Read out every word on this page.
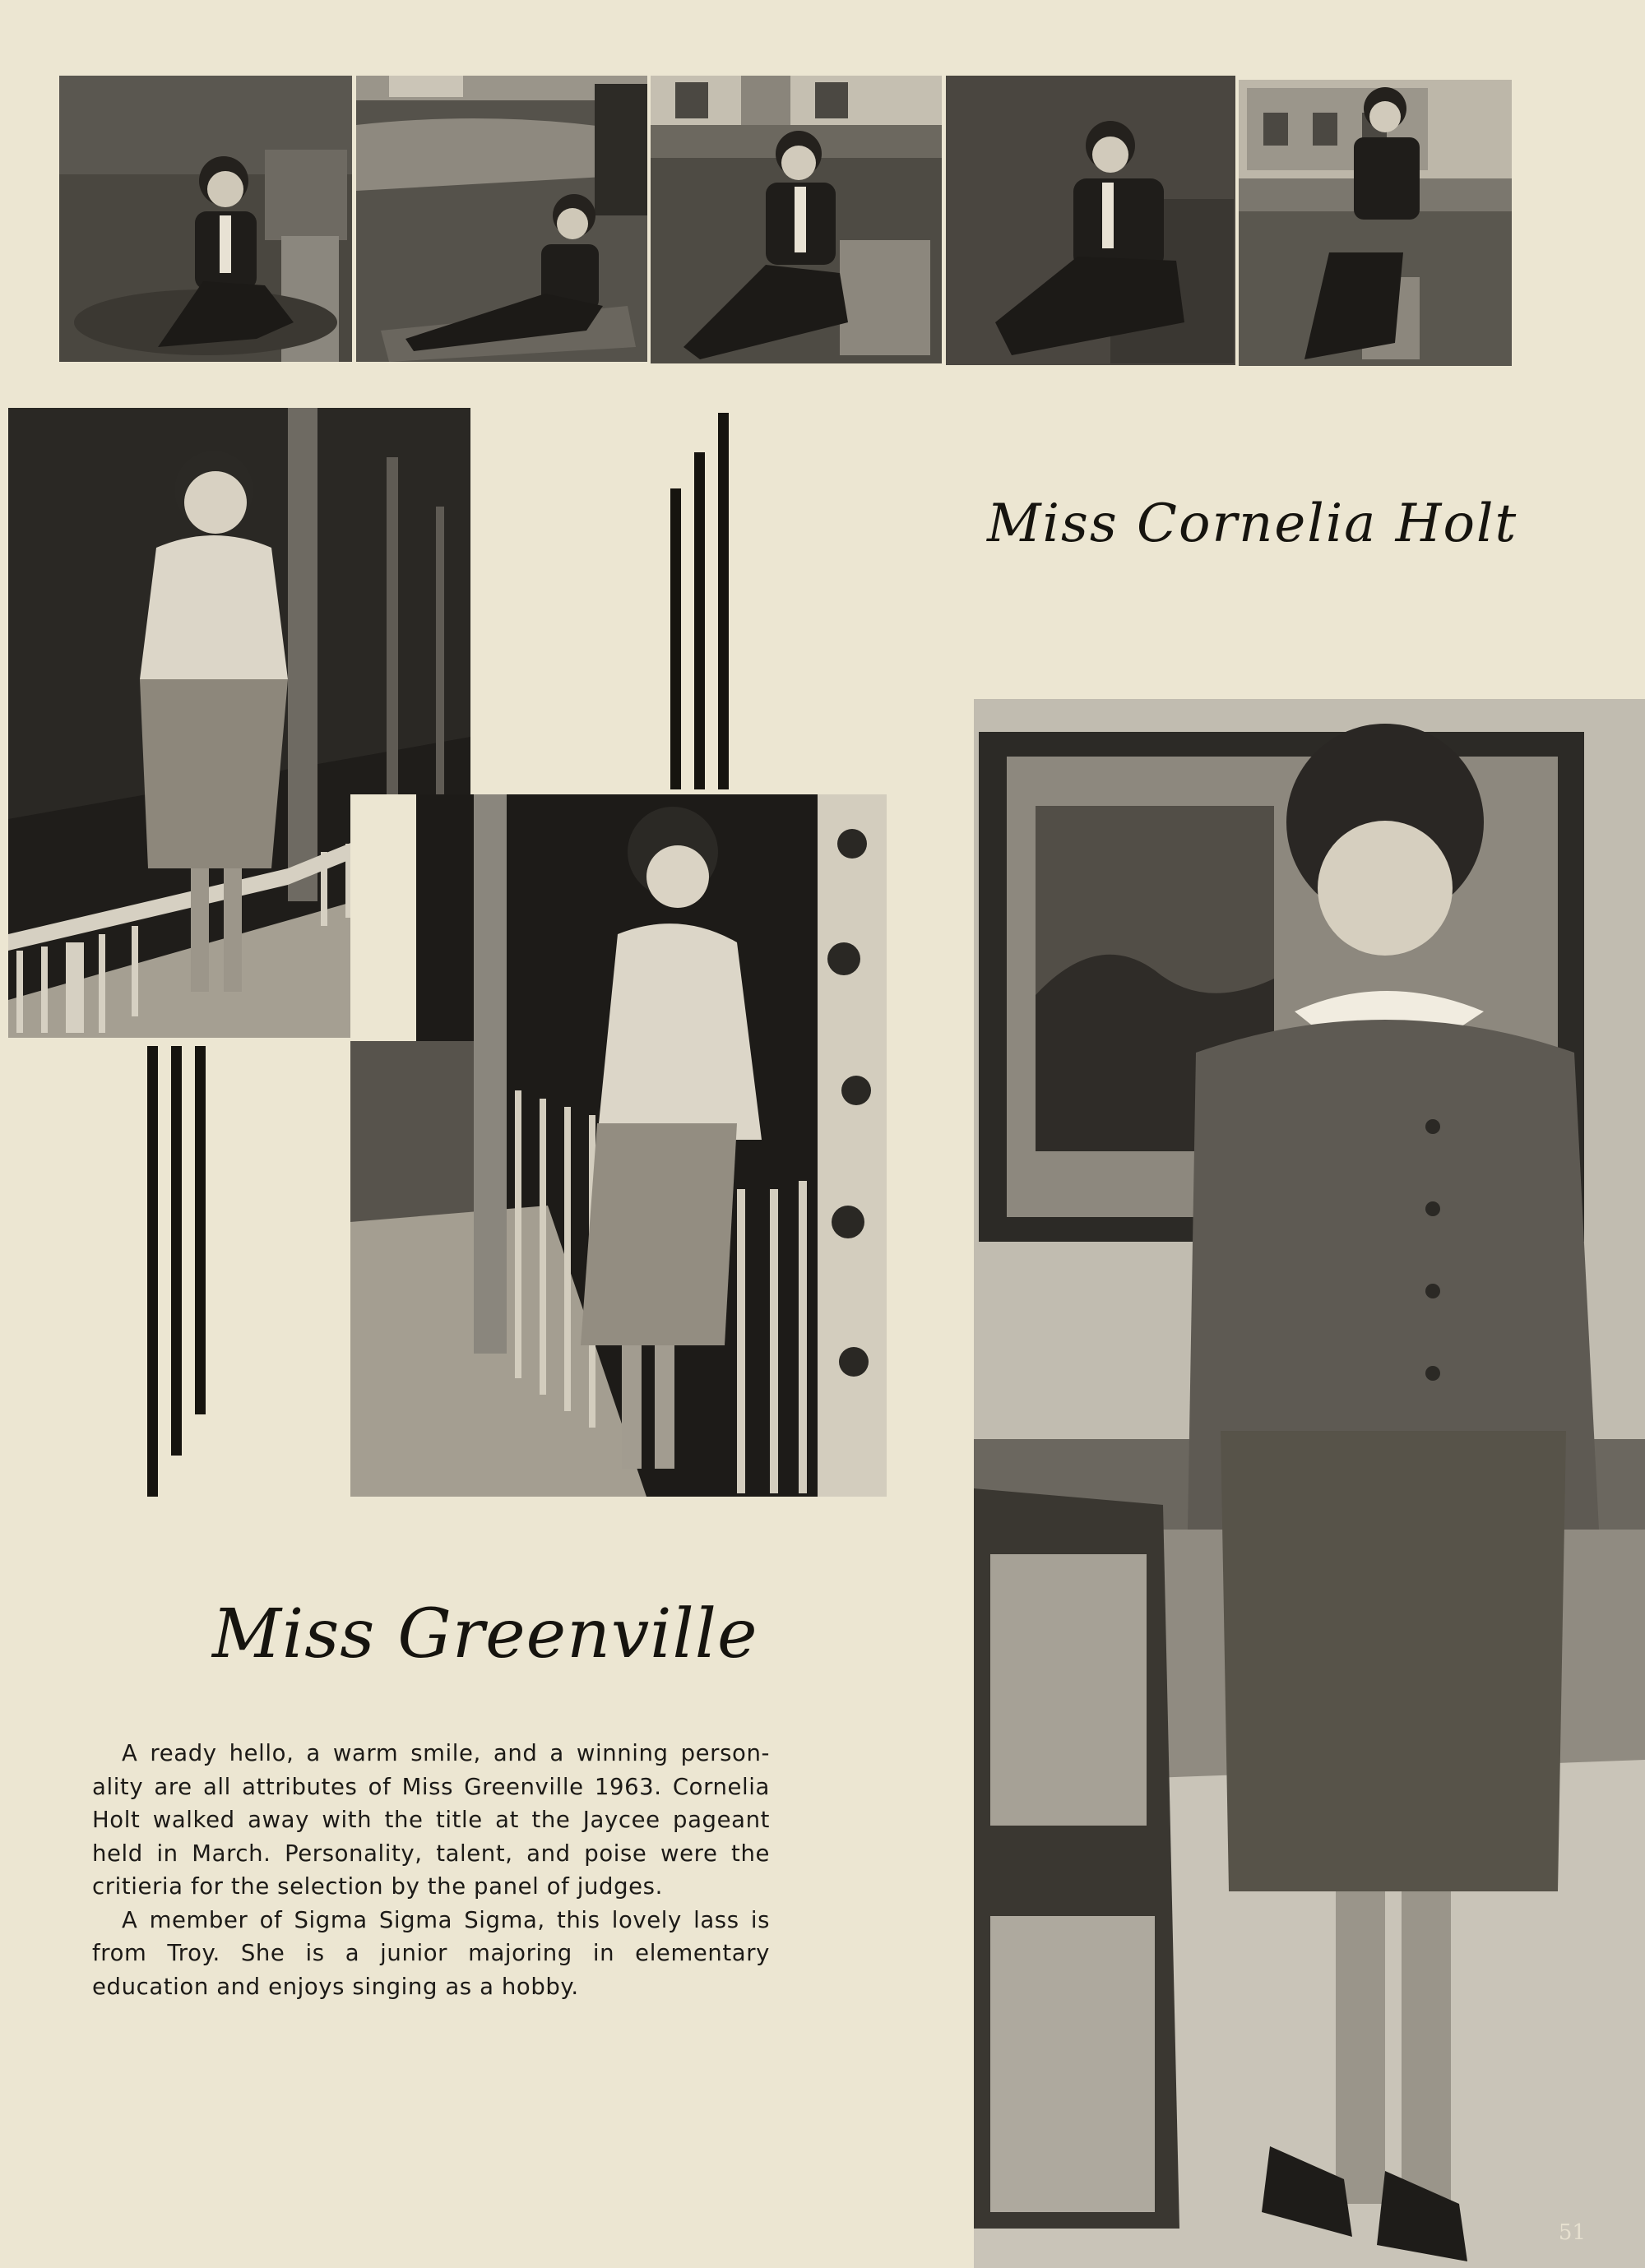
Miss Cornelia Holt
Miss Greenville

A ready hello, a warm smile, and a winning person-ality are all attributes of Miss Greenville 1963. Cornelia Holt walked away with the title at the Jaycee pageant held in March. Personality, talent, and poise were the critieria for the selection by the panel of judges.

A member of Sigma Sigma Sigma, this lovely lass is from Troy. She is a junior majoring in elementary education and enjoys singing as a hobby.

51
